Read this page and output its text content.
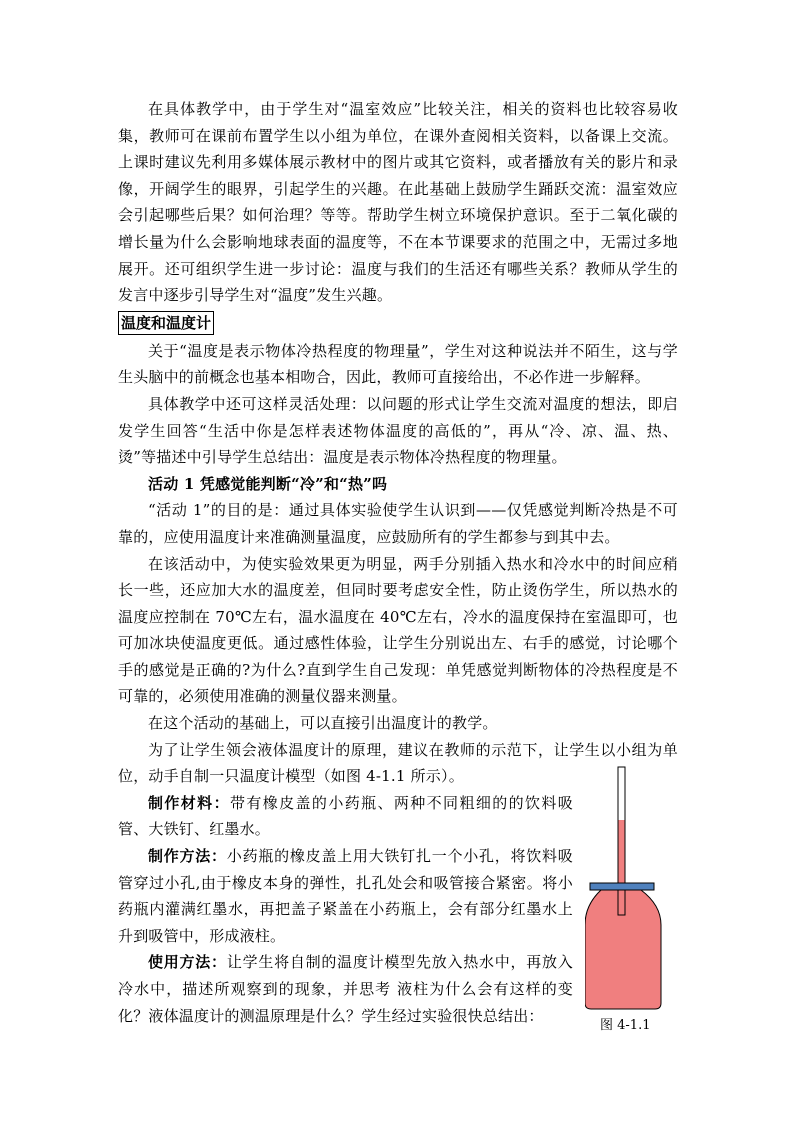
在具体教学中，由于学生对“温室效应”比较关注，相关的资料也比较容易收集，教师可在课前布置学生以小组为单位，在课外查阅相关资料，以备课上交流。上课时建议先利用多媒体展示教材中的图片或其它资料，或者播放有关的影片和录像，开阔学生的眼界，引起学生的兴趣。在此基础上鼓励学生踊跃交流：温室效应会引起哪些后果？如何治理？等等。帮助学生树立环境保护意识。至于二氧化碳的增长量为什么会影响地球表面的温度等，不在本节课要求的范围之中，无需过多地展开。还可组织学生进一步讨论：温度与我们的生活还有哪些关系？教师从学生的发言中逐步引导学生对“温度”发生兴趣。

温度和温度计

关于“温度是表示物体冷热程度的物理量”，学生对这种说法并不陌生，这与学生头脑中的前概念也基本相吻合，因此，教师可直接给出，不必作进一步解释。

具体教学中还可这样灵活处理：以问题的形式让学生交流对温度的想法，即启发学生回答“生活中你是怎样表述物体温度的高低的”，再从“冷、凉、温、热、烫”等描述中引导学生总结出：温度是表示物体冷热程度的物理量。

活动 1 凭感觉能判断“冷”和“热”吗

“活动 1”的目的是：通过具体实验使学生认识到——仅凭感觉判断冷热是不可靠的，应使用温度计来准确测量温度，应鼓励所有的学生都参与到其中去。

在该活动中，为使实验效果更为明显，两手分别插入热水和冷水中的时间应稍长一些，还应加大水的温度差，但同时要考虑安全性，防止烫伤学生，所以热水的温度应控制在 70℃左右，温水温度在 40℃左右，冷水的温度保持在室温即可，也可加冰块使温度更低。通过感性体验，让学生分别说出左、右手的感觉，讨论哪个手的感觉是正确的?为什么?直到学生自己发现：单凭感觉判断物体的冷热程度是不可靠的，必须使用准确的测量仪器来测量。

在这个活动的基础上，可以直接引出温度计的教学。

为了让学生领会液体温度计的原理，建议在教师的示范下，让学生以小组为单位，动手自制一只温度计模型（如图 4-1.1 所示）。

制作材料：带有橡皮盖的小药瓶、两种不同粗细的的饮料吸管、大铁钉、红墨水。

制作方法：小药瓶的橡皮盖上用大铁钉扎一个小孔，将饮料吸管穿过小孔,由于橡皮本身的弹性，扎孔处会和吸管接合紧密。将小药瓶内灌满红墨水，再把盖子紧盖在小药瓶上，会有部分红墨水上升到吸管中，形成液柱。

使用方法：让学生将自制的温度计模型先放入热水中，再放入冷水中，描述所观察到的现象，并思考 液柱为什么会有这样的变化？液体温度计的测温原理是什么？学生经过实验很快总结出：

图 4-1.1
